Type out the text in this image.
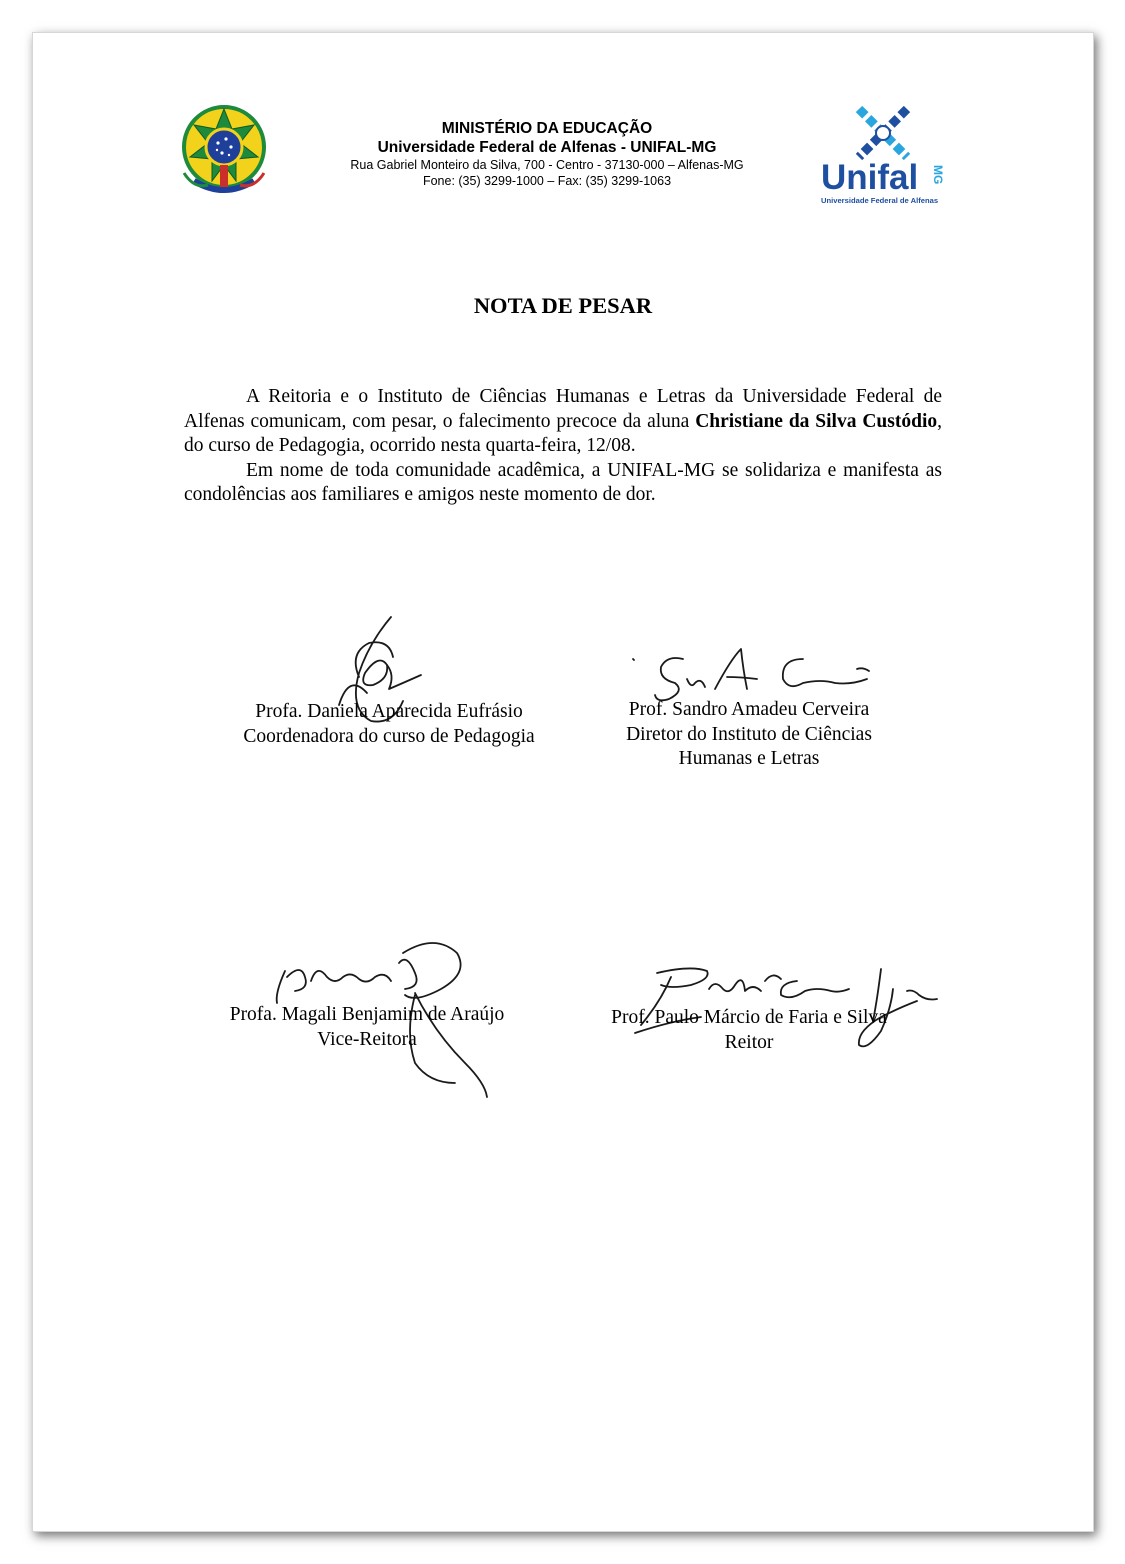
MINISTÉRIO DA EDUCAÇÃO
Universidade Federal de Alfenas - UNIFAL-MG
Rua Gabriel Monteiro da Silva, 700 - Centro - 37130-000 – Alfenas-MG
Fone: (35) 3299-1000 – Fax: (35) 3299-1063	Unifal MG
Universidade Federal de Alfenas
NOTA DE PESAR

A Reitoria e o Instituto de Ciências Humanas e Letras da Universidade Federal de Alfenas comunicam, com pesar, o falecimento precoce da aluna Christiane da Silva Custódio, do curso de Pedagogia, ocorrido nesta quarta-feira, 12/08.

Em nome de toda comunidade acadêmica, a UNIFAL-MG se solidariza e manifesta as condolências aos familiares e amigos neste momento de dor.

Profa. Daniela Aparecida Eufrásio
Coordenadora do curso de Pedagogia
Prof. Sandro Amadeu Cerveira
Diretor do Instituto de Ciências
Humanas e Letras
Profa. Magali Benjamim de Araújo
Vice-Reitora
Prof. Paulo Márcio de Faria e Silva
Reitor
